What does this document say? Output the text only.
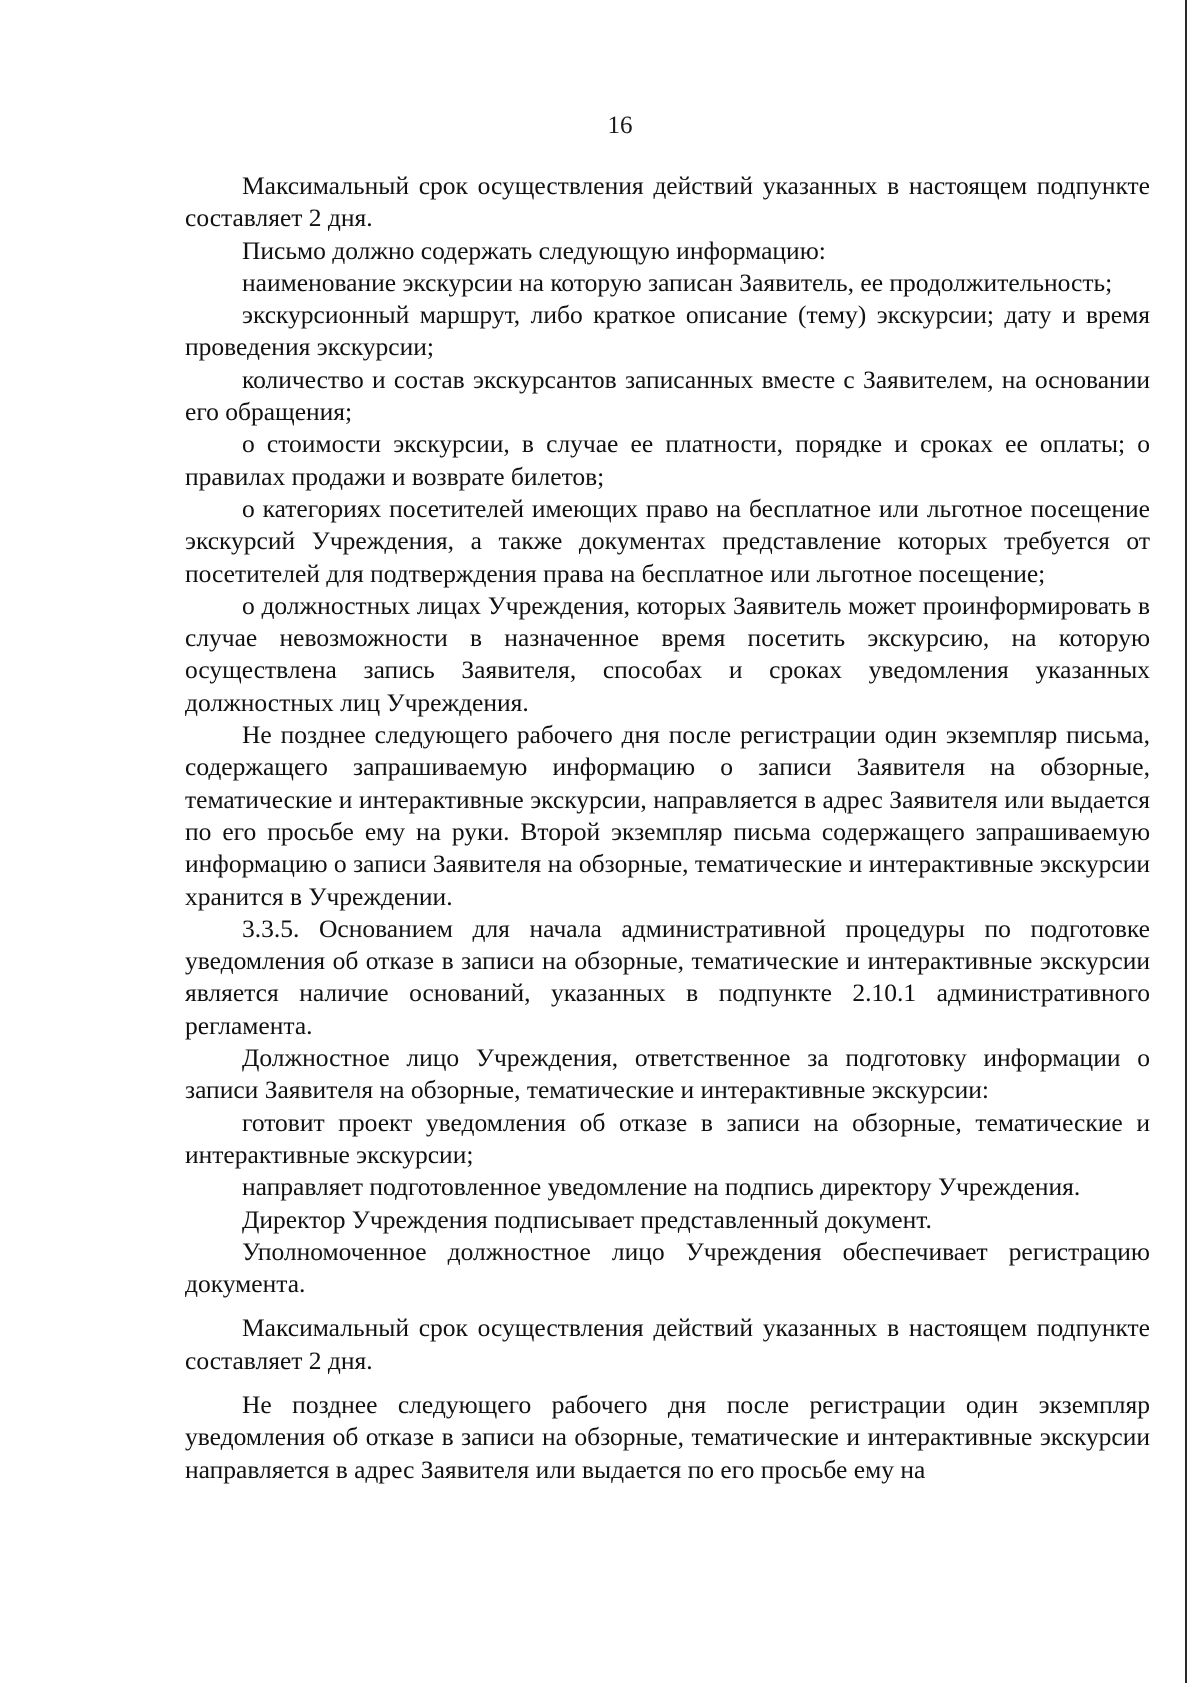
16

Максимальный срок осуществления действий указанных в настоящем подпункте составляет 2 дня.

Письмо должно содержать следующую информацию:

наименование экскурсии на которую записан Заявитель, ее продолжительность;

экскурсионный маршрут, либо краткое описание (тему) экскурсии; дату и время проведения экскурсии;

количество и состав экскурсантов записанных вместе с Заявителем, на основании его обращения;

о стоимости экскурсии, в случае ее платности, порядке и сроках ее оплаты; о правилах продажи и возврате билетов;

о категориях посетителей имеющих право на бесплатное или льготное посещение экскурсий Учреждения, а также документах представление которых требуется от посетителей для подтверждения права на бесплатное или льготное посещение;

о должностных лицах Учреждения, которых Заявитель может проинформировать в случае невозможности в назначенное время посетить экскурсию, на которую осуществлена запись Заявителя, способах и сроках уведомления указанных должностных лиц Учреждения.

Не позднее следующего рабочего дня после регистрации один экземпляр письма, содержащего запрашиваемую информацию о записи Заявителя на обзорные, тематические и интерактивные экскурсии, направляется в адрес Заявителя или выдается по его просьбе ему на руки. Второй экземпляр письма содержащего запрашиваемую информацию о записи Заявителя на обзорные, тематические и интерактивные экскурсии хранится в Учреждении.

3.3.5. Основанием для начала административной процедуры по подготовке уведомления об отказе в записи на обзорные, тематические и интерактивные экскурсии является наличие оснований, указанных в подпункте 2.10.1 административного регламента.

Должностное лицо Учреждения, ответственное за подготовку информации о записи Заявителя на обзорные, тематические и интерактивные экскурсии:

готовит проект уведомления об отказе в записи на обзорные, тематические и интерактивные экскурсии;

направляет подготовленное уведомление на подпись директору Учреждения.

Директор Учреждения подписывает представленный документ.

Уполномоченное должностное лицо Учреждения обеспечивает регистрацию документа.

Максимальный срок осуществления действий указанных в настоящем подпункте составляет 2 дня.

Не позднее следующего рабочего дня после регистрации один экземпляр уведомления об отказе в записи на обзорные, тематические и интерактивные экскурсии направляется в адрес Заявителя или выдается по его просьбе ему на
